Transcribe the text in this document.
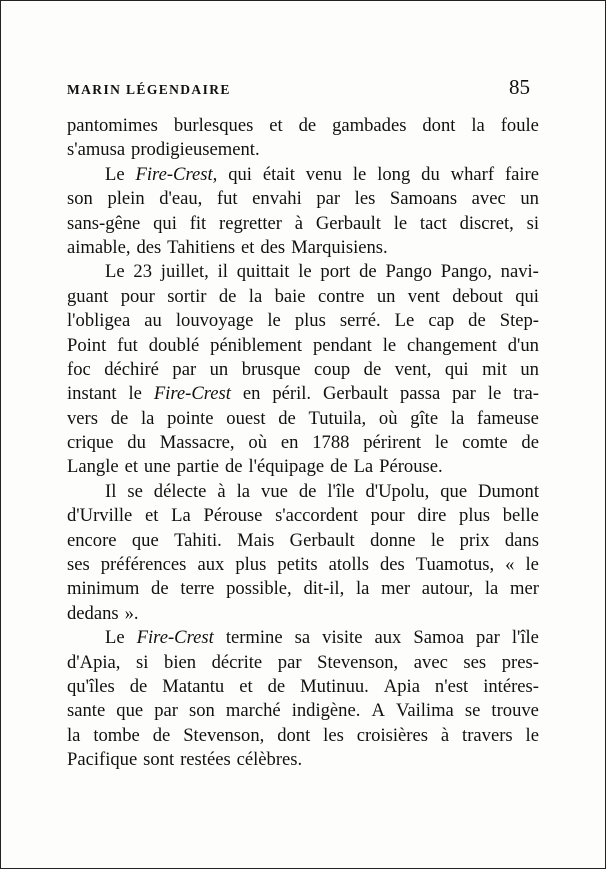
MARIN LÉGENDAIRE	85
pantomimes burlesques et de gambades dont la foule
s'amusa prodigieusement.
Le Fire-Crest, qui était venu le long du wharf faire
son plein d'eau, fut envahi par les Samoans avec un
sans-gêne qui fit regretter à Gerbault le tact discret, si
aimable, des Tahitiens et des Marquisiens.
Le 23 juillet, il quittait le port de Pango Pango, navi-
guant pour sortir de la baie contre un vent debout qui
l'obligea au louvoyage le plus serré. Le cap de Step-
Point fut doublé péniblement pendant le changement d'un
foc déchiré par un brusque coup de vent, qui mit un
instant le Fire-Crest en péril. Gerbault passa par le tra-
vers de la pointe ouest de Tutuila, où gîte la fameuse
crique du Massacre, où en 1788 périrent le comte de
Langle et une partie de l'équipage de La Pérouse.
Il se délecte à la vue de l'île d'Upolu, que Dumont
d'Urville et La Pérouse s'accordent pour dire plus belle
encore que Tahiti. Mais Gerbault donne le prix dans
ses préférences aux plus petits atolls des Tuamotus, « le
minimum de terre possible, dit-il, la mer autour, la mer
dedans ».
Le Fire-Crest termine sa visite aux Samoa par l'île
d'Apia, si bien décrite par Stevenson, avec ses pres-
qu'îles de Matantu et de Mutinuu. Apia n'est intéres-
sante que par son marché indigène. A Vailima se trouve
la tombe de Stevenson, dont les croisières à travers le
Pacifique sont restées célèbres.
